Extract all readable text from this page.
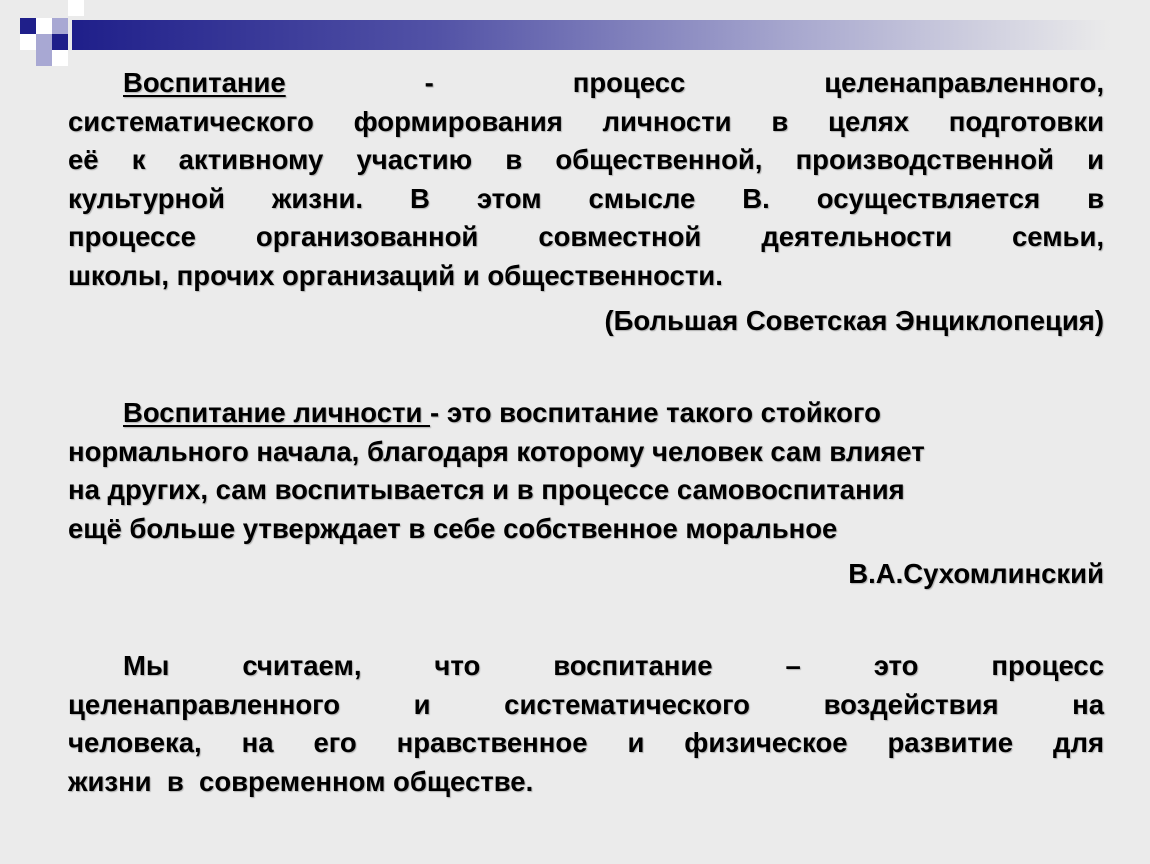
Воспитание	-	процесс	целенаправленного,
систематического формирования личности в целях подготовки
её к активному участию в общественной, производственной и
культурной жизни. В этом смысле В. осуществляется в
процессе организованной совместной деятельности семьи,
школы, прочих организаций и общественности.
(Большая Советская Энциклопеция)
Воспитание личности - это воспитание такого стойкого
нормального начала, благодаря которому человек сам влияет
на других, сам воспитывается и в процессе самовоспитания
ещё больше утверждает в себе собственное моральное
В.А.Сухомлинский
Мы считаем, что воспитание – это процесс
целенаправленного и систематического воздействия на
человека, на его нравственное и физическое развитие для
жизни  в  современном обществе.
